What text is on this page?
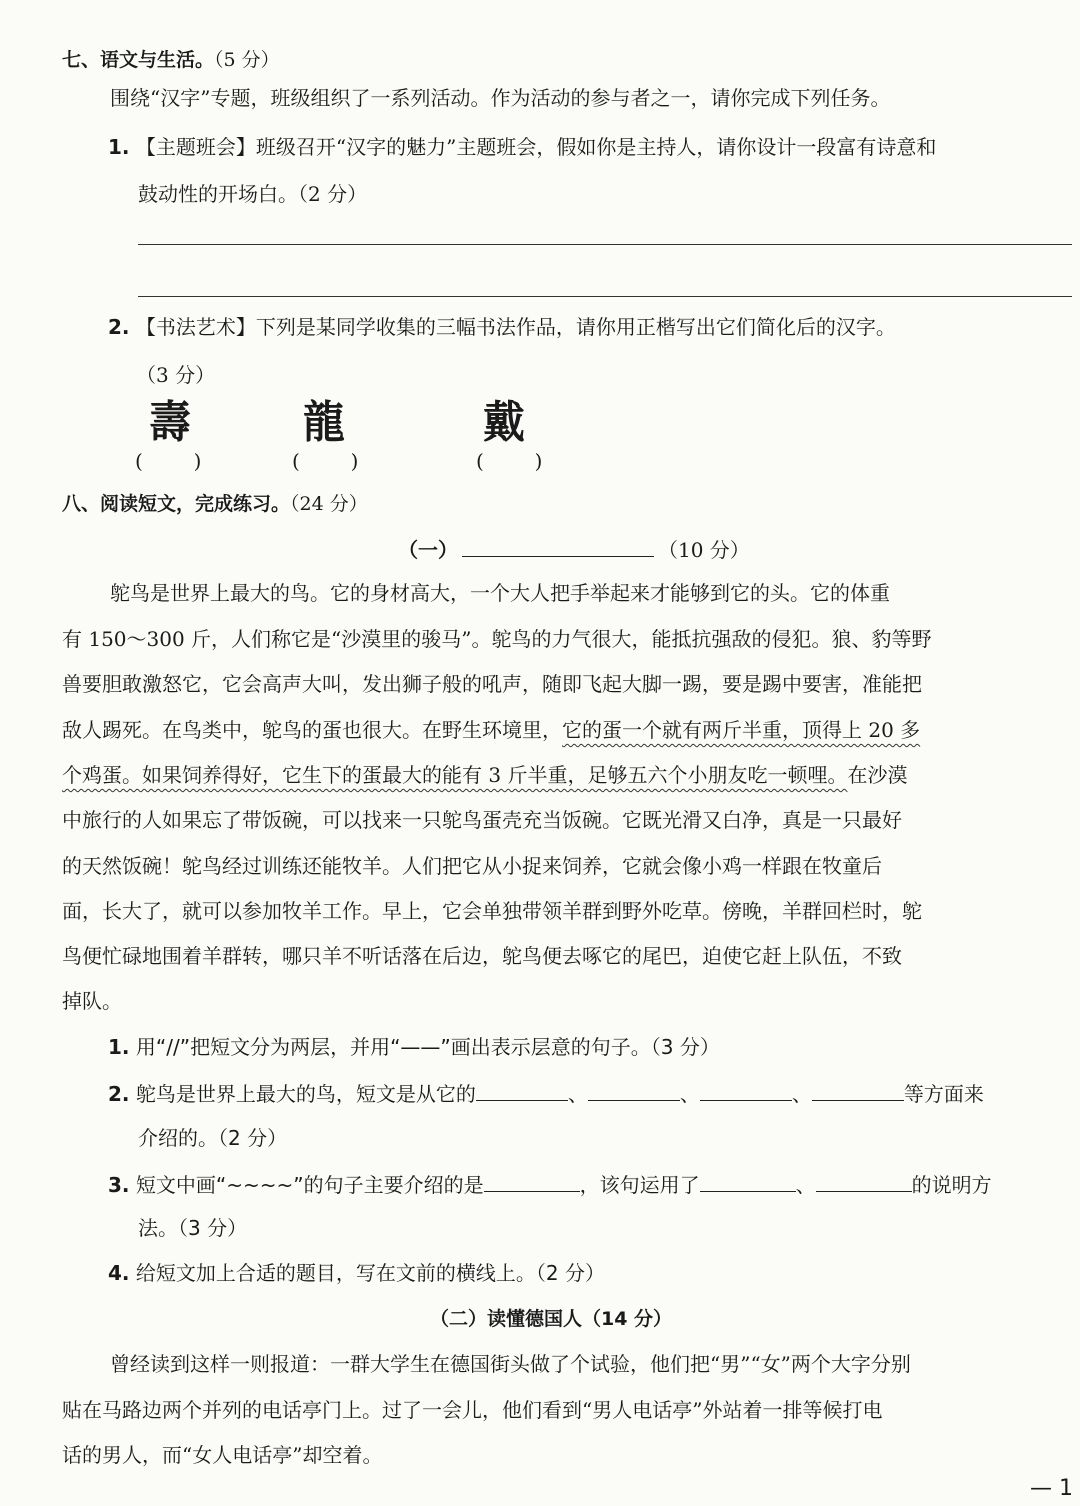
七、语文与生活。（5 分）
围绕“汉字”专题，班级组织了一系列活动。作为活动的参与者之一，请你完成下列任务。
1. 【主题班会】班级召开“汉字的魅力”主题班会，假如你是主持人，请你设计一段富有诗意和
鼓动性的开场白。（2 分）
2. 【书法艺术】下列是某同学收集的三幅书法作品，请你用正楷写出它们简化后的汉字。
（3 分）
壽	龍	戴
(        )	(        )	(        )
八、阅读短文，完成练习。（24 分）
（一）	（10 分）
鸵鸟是世界上最大的鸟。它的身材高大，一个大人把手举起来才能够到它的头。它的体重
有 150～300 斤，人们称它是“沙漠里的骏马”。鸵鸟的力气很大，能抵抗强敌的侵犯。狼、豹等野
兽要胆敢激怒它，它会高声大叫，发出狮子般的吼声，随即飞起大脚一踢，要是踢中要害，准能把
敌人踢死。在鸟类中，鸵鸟的蛋也很大。在野生环境里，它的蛋一个就有两斤半重，顶得上 20 多
个鸡蛋。如果饲养得好，它生下的蛋最大的能有 3 斤半重，足够五六个小朋友吃一顿哩。在沙漠
中旅行的人如果忘了带饭碗，可以找来一只鸵鸟蛋壳充当饭碗。它既光滑又白净，真是一只最好
的天然饭碗！鸵鸟经过训练还能牧羊。人们把它从小捉来饲养，它就会像小鸡一样跟在牧童后
面，长大了，就可以参加牧羊工作。早上，它会单独带领羊群到野外吃草。傍晚，羊群回栏时，鸵
鸟便忙碌地围着羊群转，哪只羊不听话落在后边，鸵鸟便去啄它的尾巴，迫使它赶上队伍，不致
掉队。
1. 用“//”把短文分为两层，并用“——”画出表示层意的句子。（3 分）
2. 鸵鸟是世界上最大的鸟，短文是从它的	、	、	、	等方面来
介绍的。（2 分）
3. 短文中画“~~~~”的句子主要介绍的是	，该句运用了	、	的说明方
法。（3 分）
4. 给短文加上合适的题目，写在文前的横线上。（2 分）
（二）读懂德国人（14 分）
曾经读到这样一则报道：一群大学生在德国街头做了个试验，他们把“男”“女”两个大字分别
贴在马路边两个并列的电话亭门上。过了一会儿，他们看到“男人电话亭”外站着一排等候打电
话的男人，而“女人电话亭”却空着。
— 1
